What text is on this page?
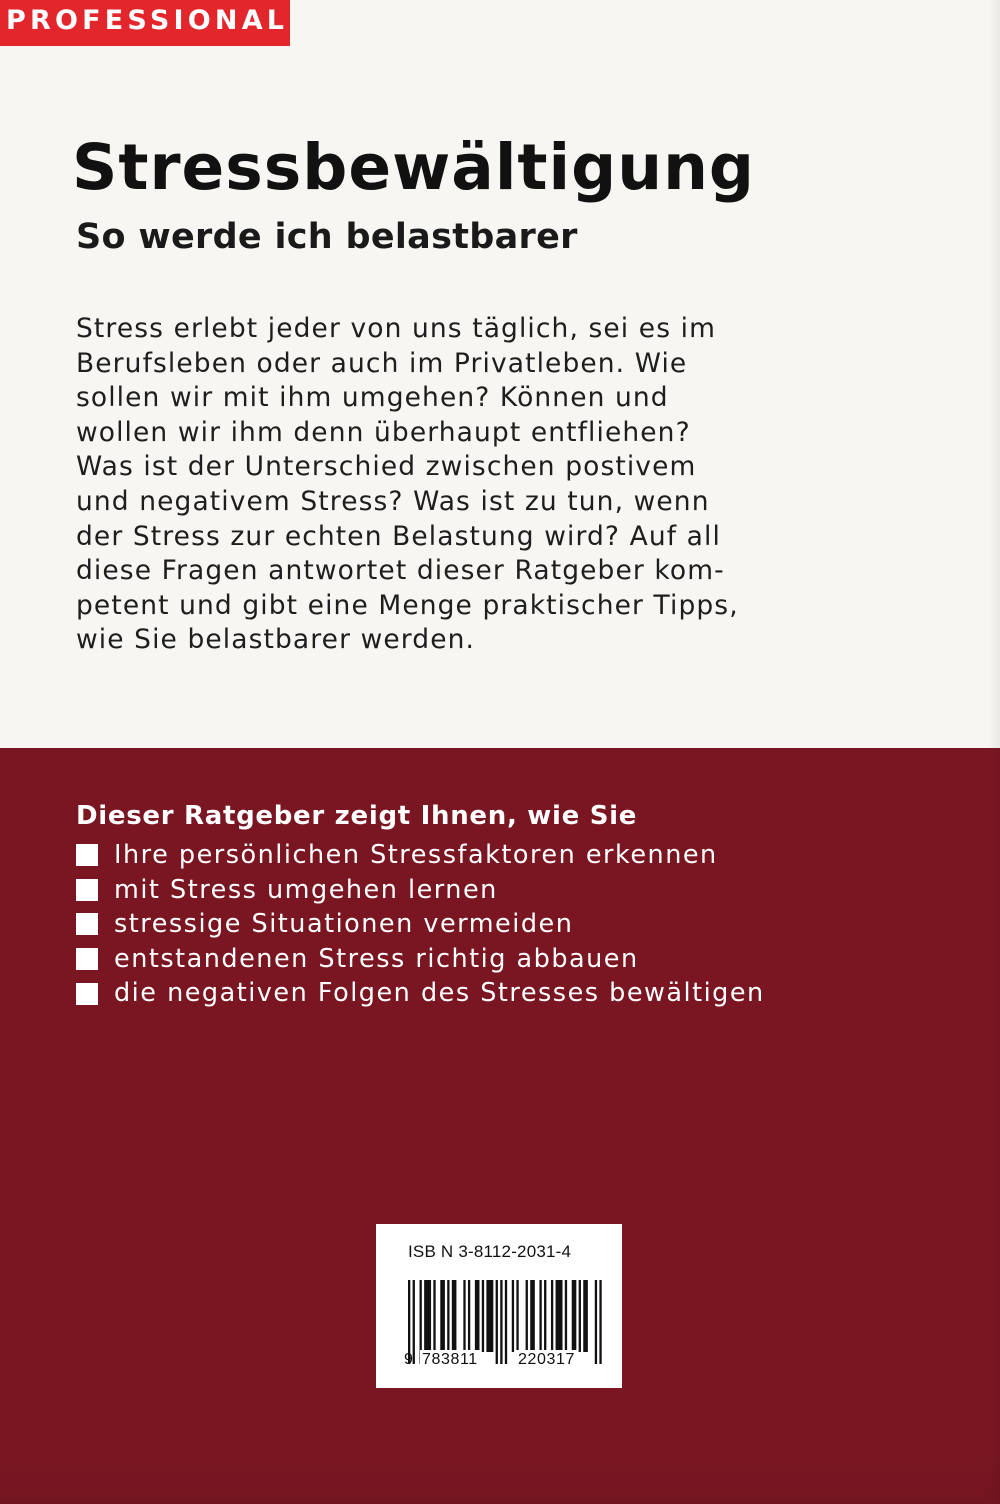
PROFESSIONAL
Stressbewältigung
So werde ich belastbarer
Stress erlebt jeder von uns täglich, sei es im
Berufsleben oder auch im Privatleben. Wie
sollen wir mit ihm umgehen? Können und
wollen wir ihm denn überhaupt entfliehen?
Was ist der Unterschied zwischen postivem
und negativem Stress? Was ist zu tun, wenn
der Stress zur echten Belastung wird? Auf all
diese Fragen antwortet dieser Ratgeber kom-
petent und gibt eine Menge praktischer Tipps,
wie Sie belastbarer werden.
Dieser Ratgeber zeigt Ihnen, wie Sie
Ihre persönlichen Stressfaktoren erkennen
mit Stress umgehen lernen
stressige Situationen vermeiden
entstandenen Stress richtig abbauen
die negativen Folgen des Stresses bewältigen
ISB N 3-8112-2031-4
9 783811	220317
